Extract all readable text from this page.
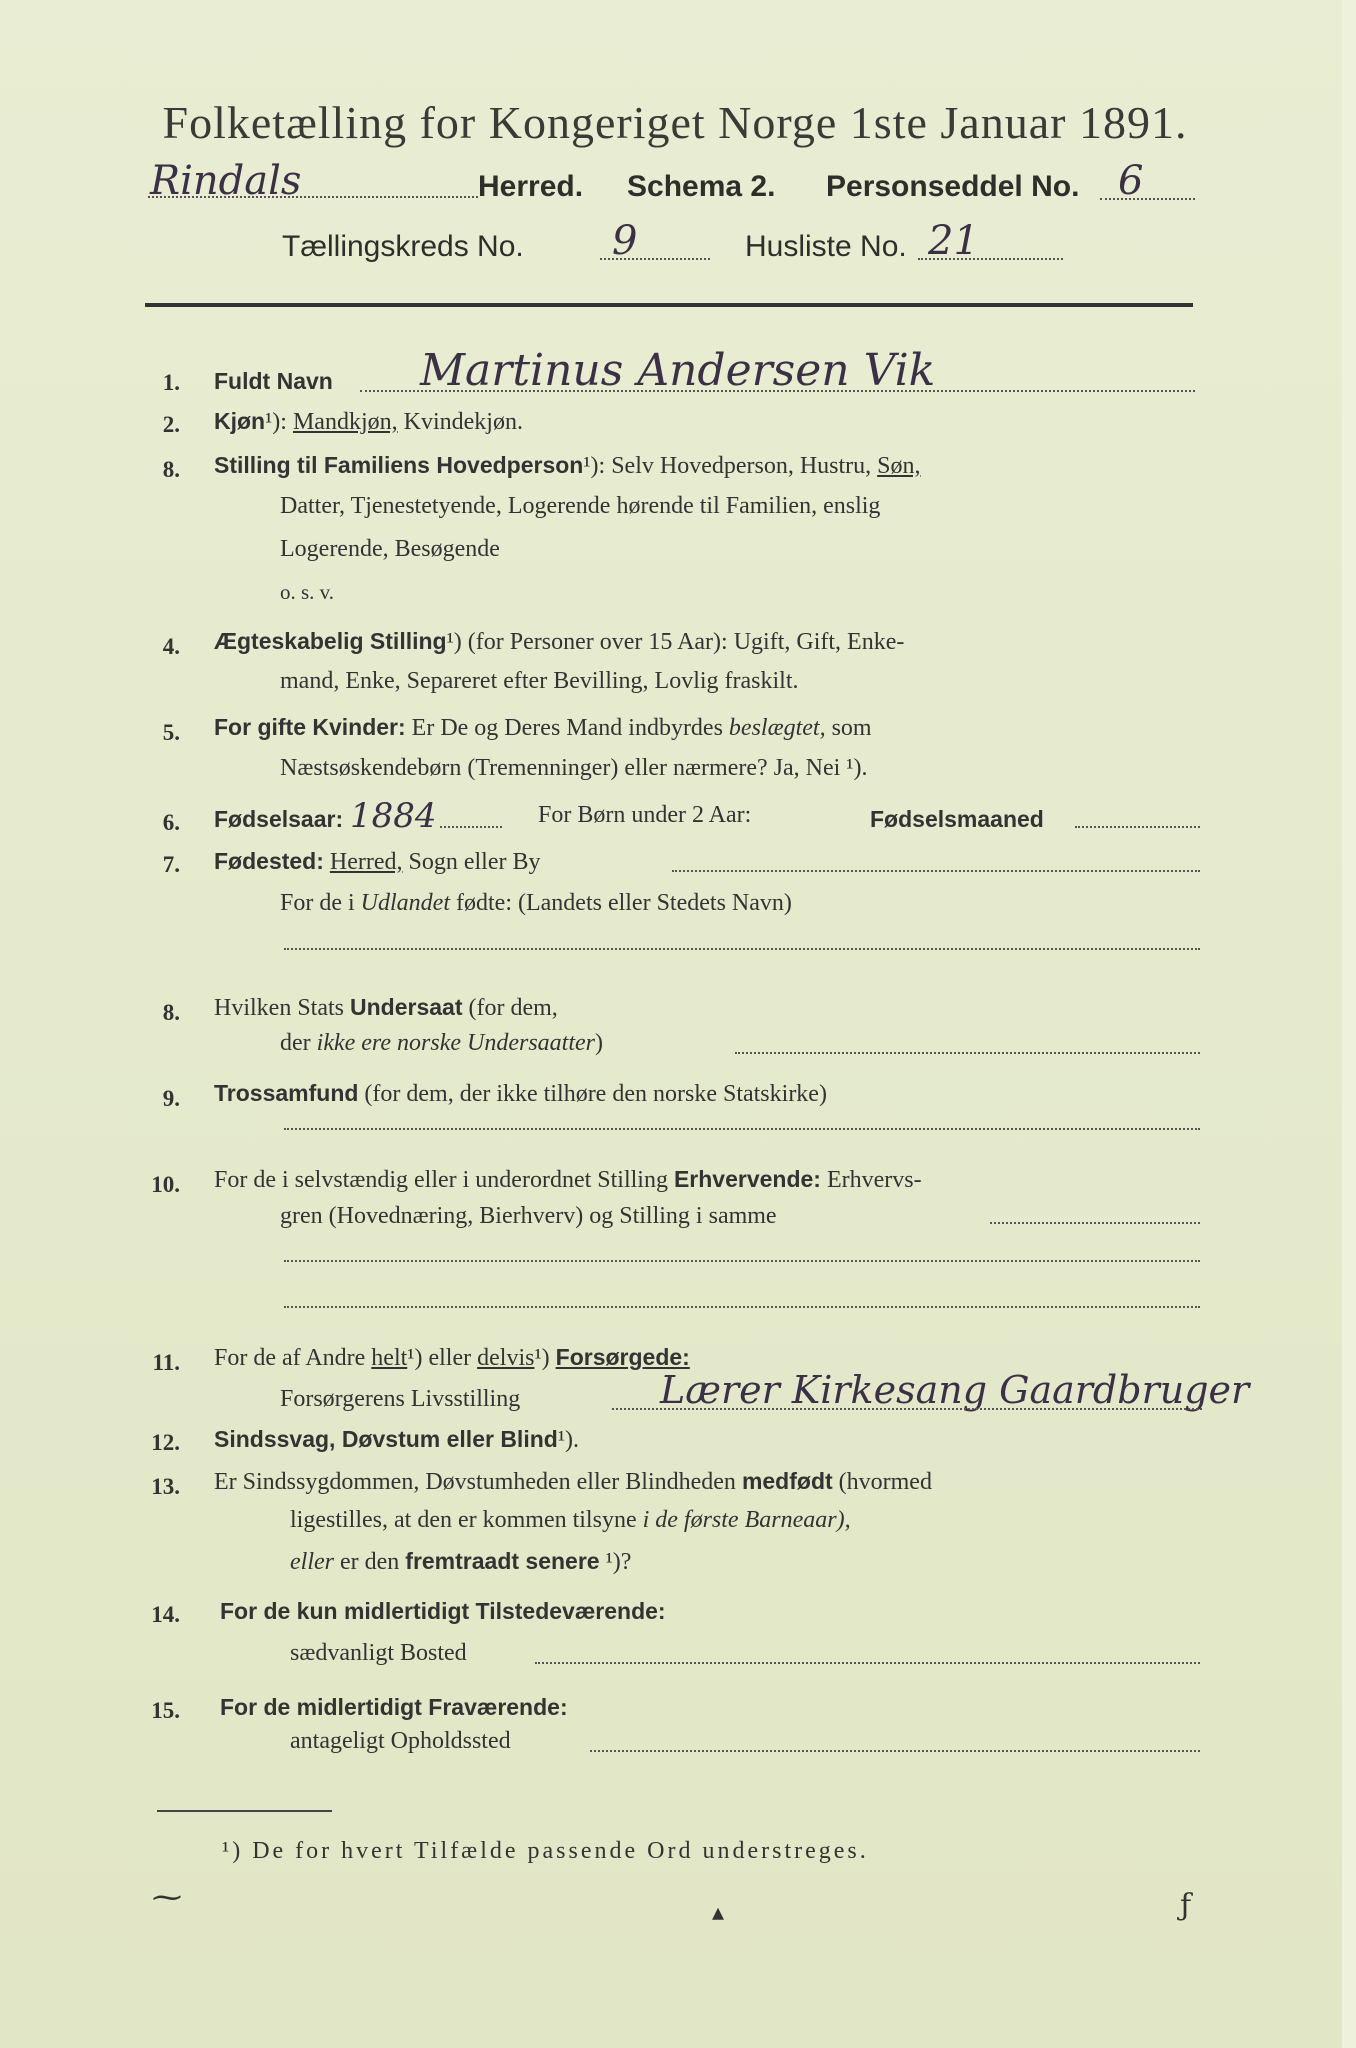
Folketælling for Kongeriget Norge 1ste Januar 1891.
Rindals	Herred. Schema 2. Personseddel No. 6
Tællingskreds No. 9	Husliste No. 21
1. Fuldt Navn Martinus Andersen Vik
2. Kjøn¹): Mandkjøn, Kvindekjøn.
8. Stilling til Familiens Hovedperson¹): Selv Hovedperson, Hustru, Søn,
Datter, Tjenestetyende, Logerende hørende til Familien, enslig
Logerende, Besøgende
o. s. v.
4. Ægteskabelig Stilling¹) (for Personer over 15 Aar): Ugift, Gift, Enke-
mand, Enke, Separeret efter Bevilling, Lovlig fraskilt.
5. For gifte Kvinder: Er De og Deres Mand indbyrdes beslægtet, som
Næstsøskendebørn (Tremenninger) eller nærmere? Ja, Nei ¹).
6. Fødselsaar: 1884	For Børn under 2 Aar:	Fødselsmaaned
7. Fødested: Herred, Sogn eller By
For de i Udlandet fødte: (Landets eller Stedets Navn)
8. Hvilken Stats Undersaat (for dem,
der ikke ere norske Undersaatter)
9. Trossamfund (for dem, der ikke tilhøre den norske Statskirke)
10. For de i selvstændig eller i underordnet Stilling Erhvervende: Erhvervs-
gren (Hovednæring, Bierhverv) og Stilling i samme
11. For de af Andre helt¹) eller delvis¹) Forsørgede:
Forsørgerens Livsstilling	Lærer Kirkesang Gaardbruger
12. Sindssvag, Døvstum eller Blind¹).
13. Er Sindssygdommen, Døvstumheden eller Blindheden medfødt (hvormed
ligestilles, at den er kommen tilsyne i de første Barneaar),
eller er den fremtraadt senere ¹)?
14. For de kun midlertidigt Tilstedeværende:
sædvanligt Bosted
15. For de midlertidigt Fraværende:
antageligt Opholdssted
¹) De for hvert Tilfælde passende Ord understreges.
⁓	▴	ƒ
